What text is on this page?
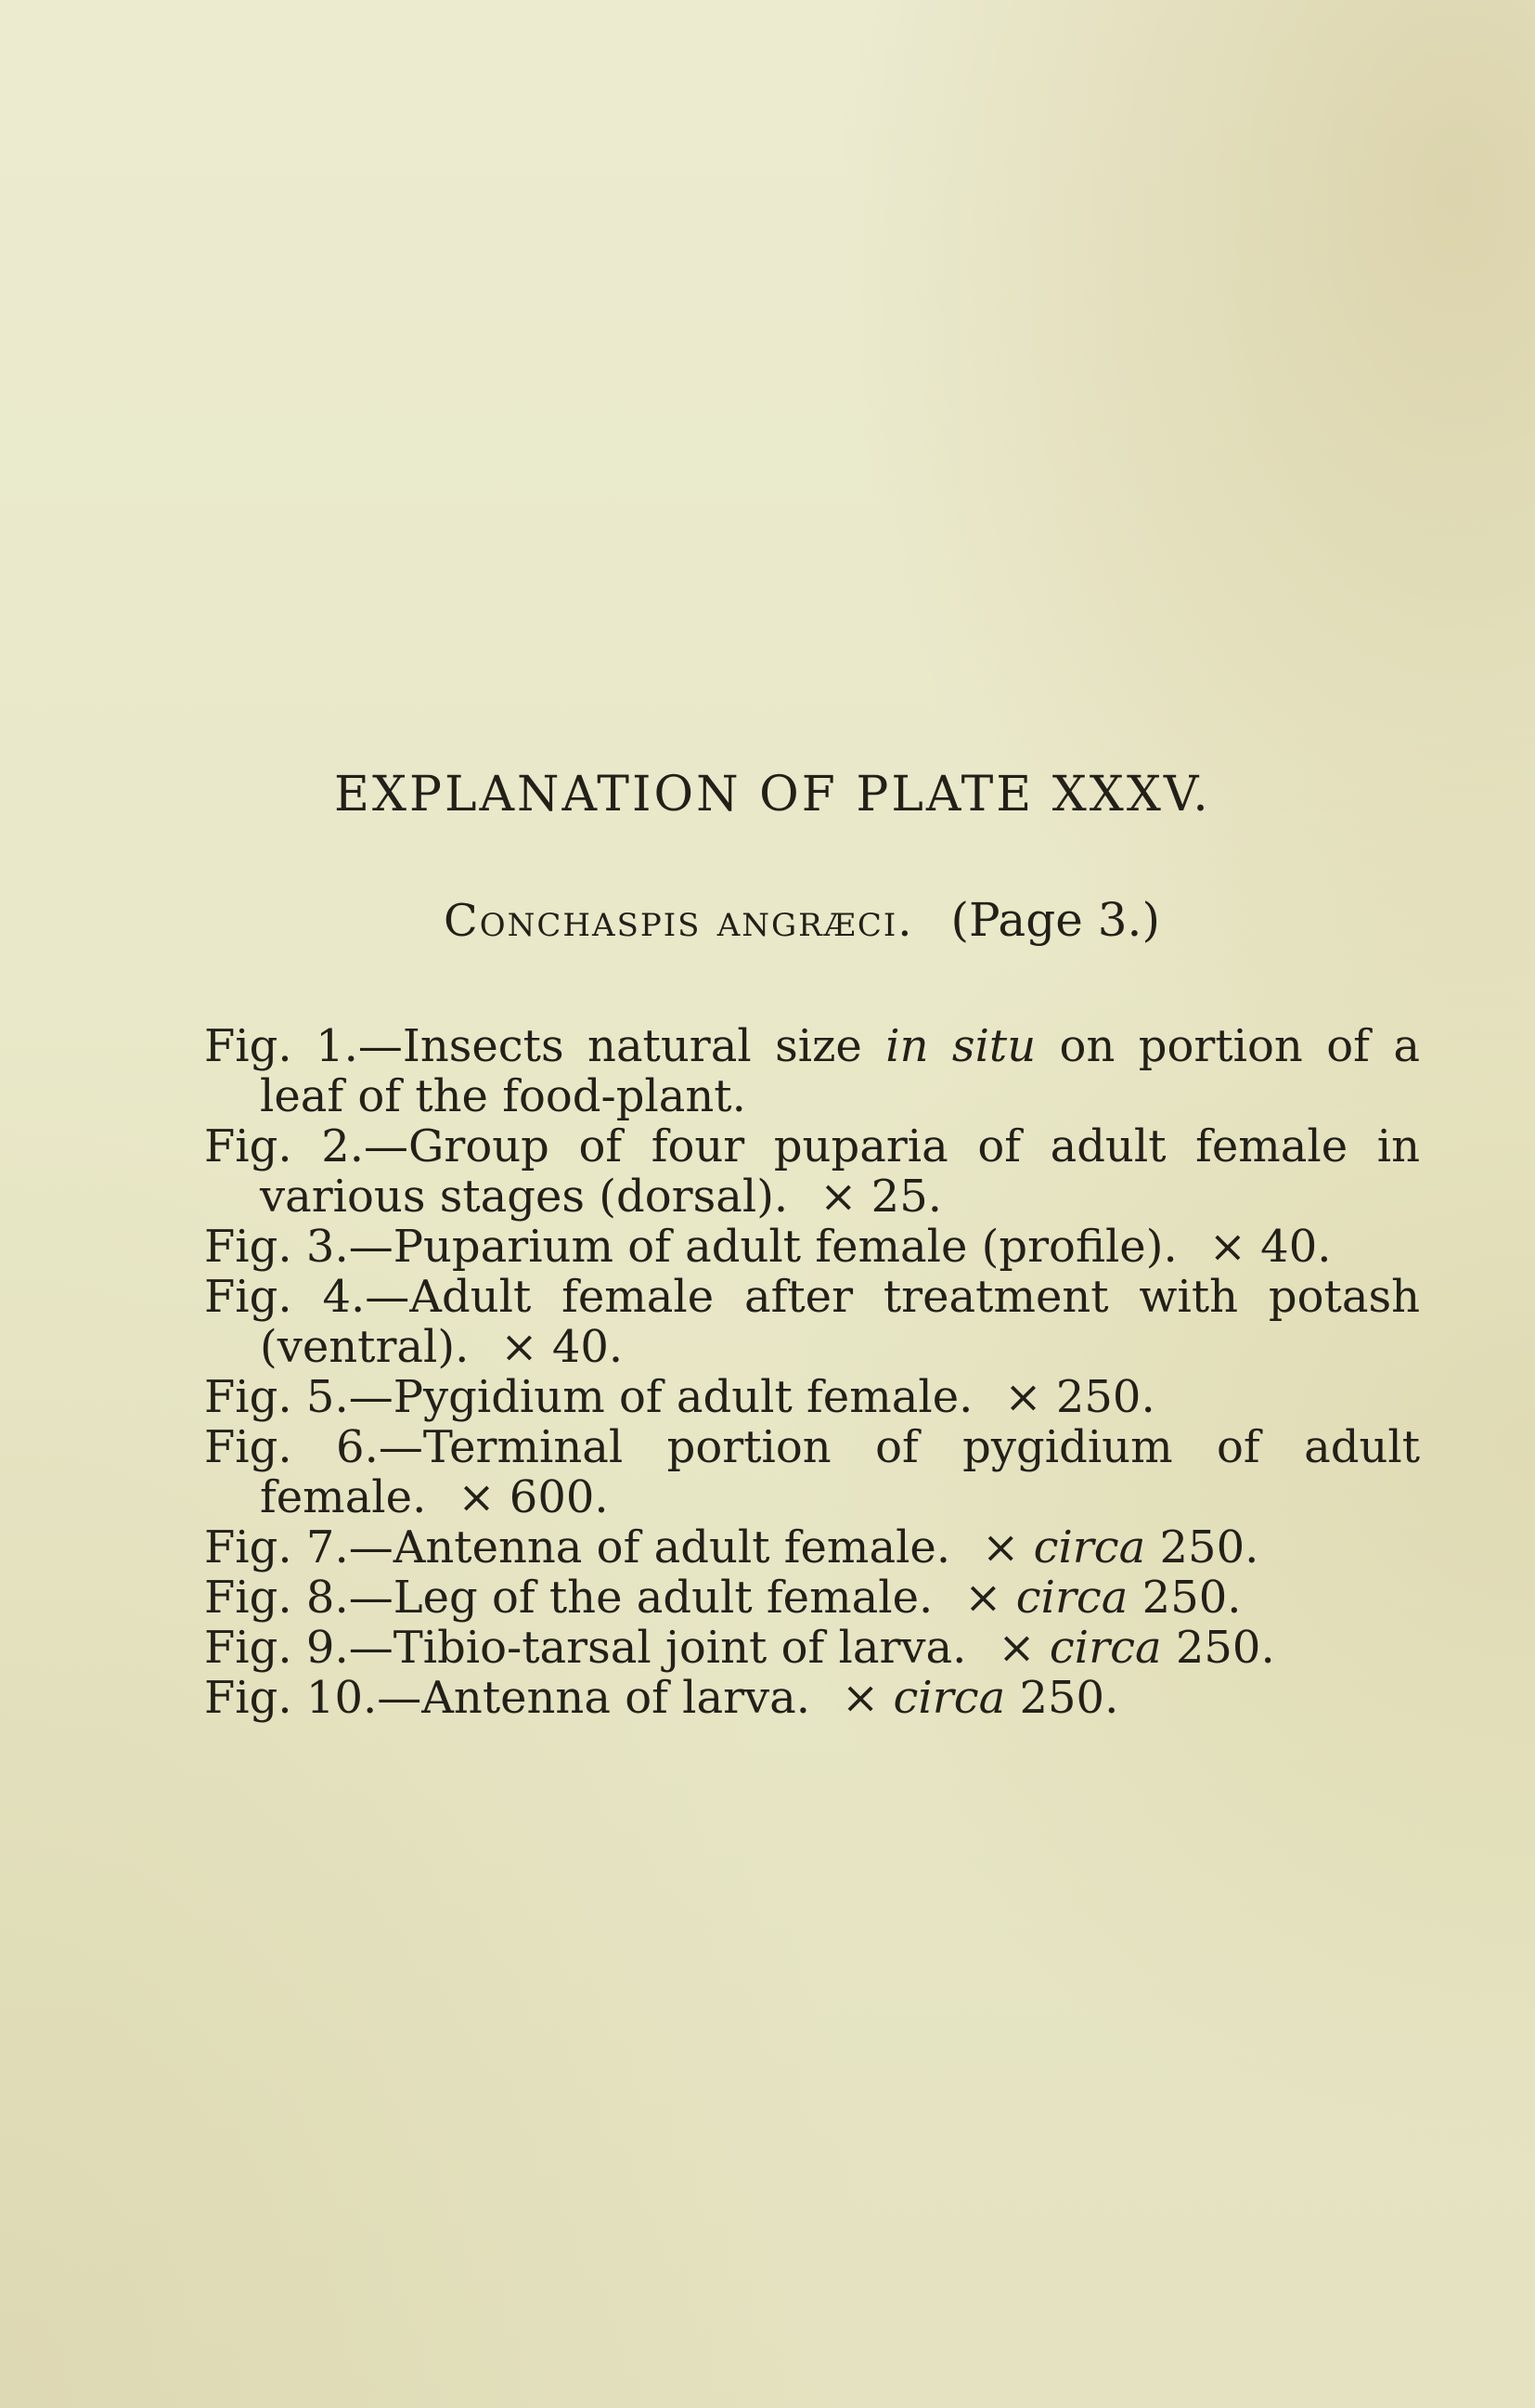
EXPLANATION OF PLATE XXXV.
Conchaspis angræci. (Page 3.)

Fig. 1.—Insects natural size in situ on portion of a leaf of the food-plant.

Fig. 2.—Group of four puparia of adult female in various stages (dorsal). × 25.

Fig. 3.—Puparium of adult female (profile). × 40.

Fig. 4.—Adult female after treatment with potash (ventral). × 40.

Fig. 5.—Pygidium of adult female. × 250.

Fig. 6.—Terminal portion of pygidium of adult female. × 600.

Fig. 7.—Antenna of adult female. × circa 250.

Fig. 8.—Leg of the adult female. × circa 250.

Fig. 9.—Tibio-tarsal joint of larva. × circa 250.

Fig. 10.—Antenna of larva. × circa 250.
